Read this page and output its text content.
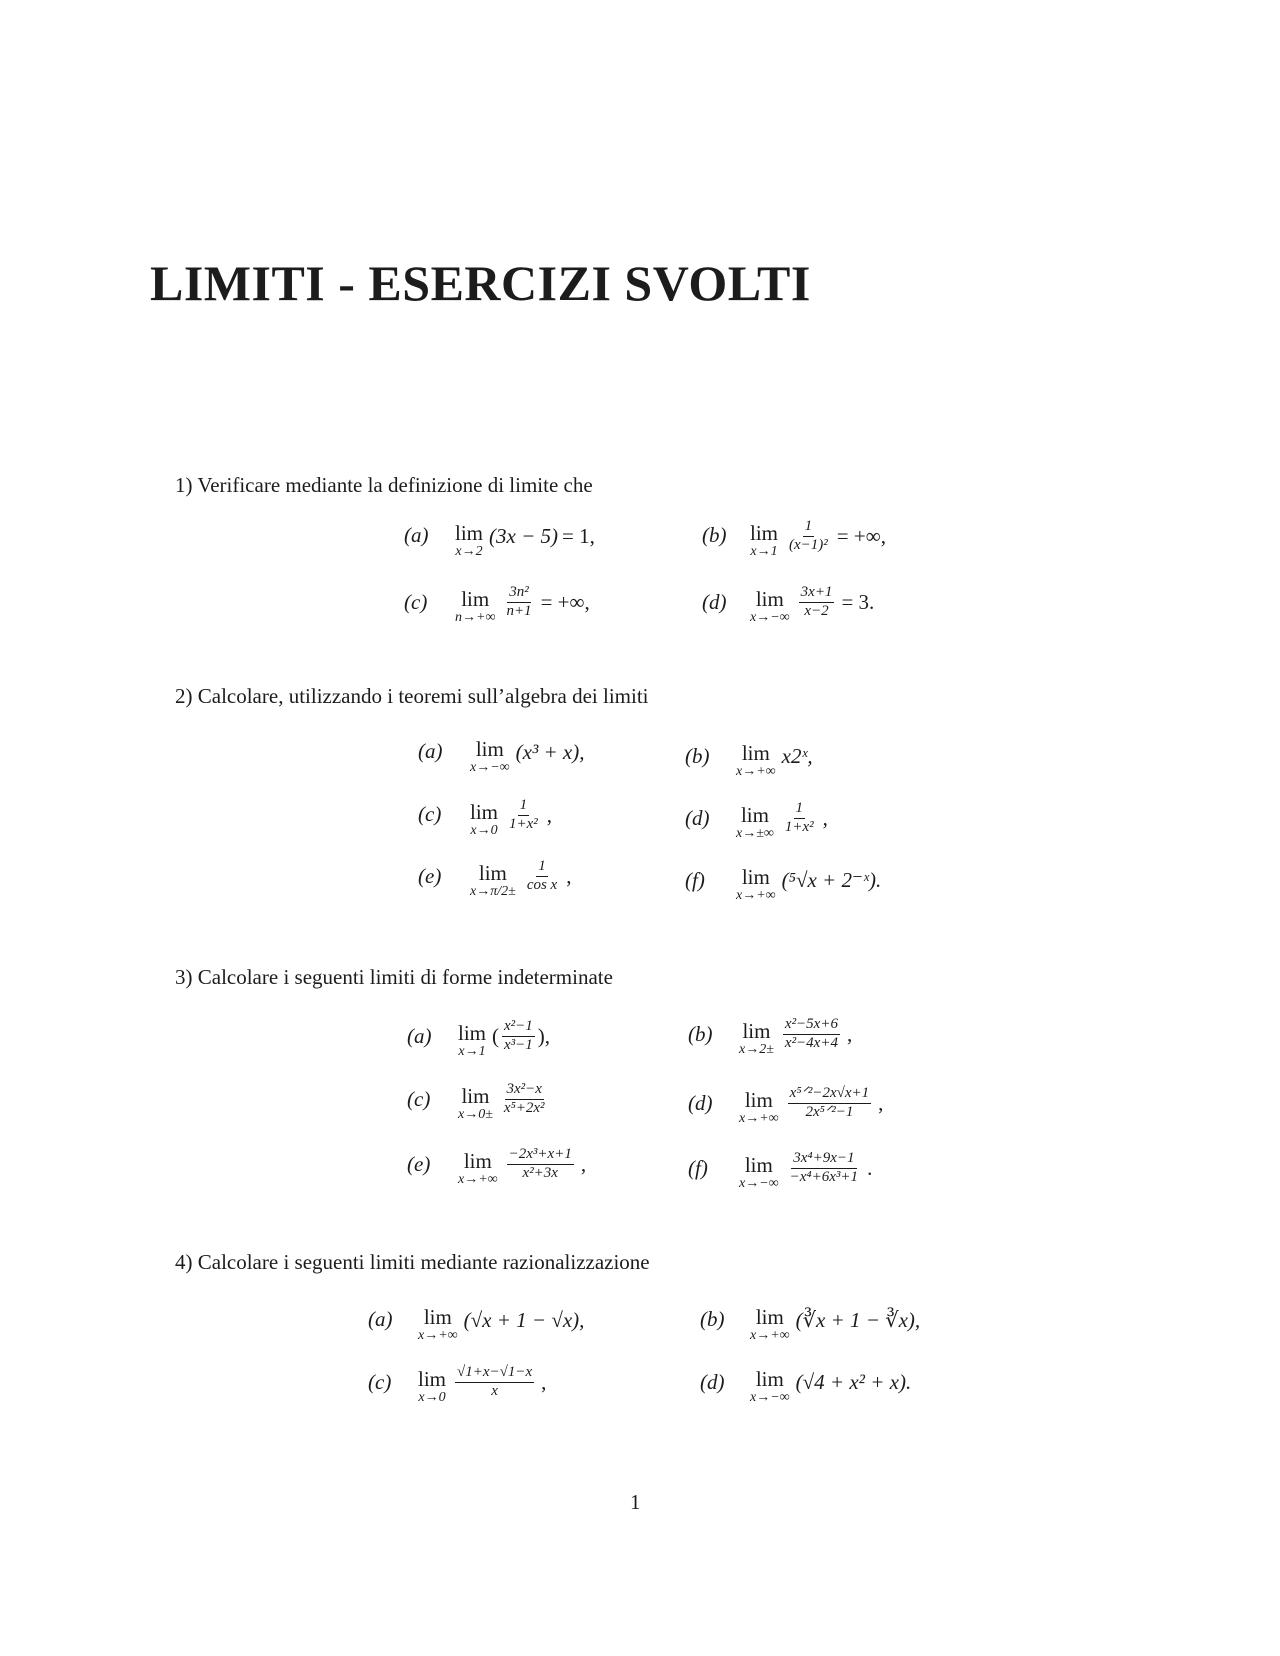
LIMITI - ESERCIZI SVOLTI
1) Verificare mediante la definizione di limite che
(a) lim
x→2
(3x − 5) = 1,	(b) lim
$x\to 1 \frac{1}{\text{(x−1)²}}$ = +∞,
(c) lim
$n\to+\infty \frac{\text{3n²}}{n+1}$ = +∞,	(d) lim
$x\to-\infty \frac{3x+1}{x-2} = 3$.
2) Calcolare, utilizzando i teoremi sull’algebra dei limiti
(a) lim
x→−∞
(x³ + x),	(b) lim
x→+∞
x2ˣ,
(c) lim
$x\to 0 \frac{1}{\text{1+x²}}$ ,	(d) lim
$x\to\pm\infty \frac{1}{\text{1+x²}}$ ,
(e) lim
$x\to\pi/2\pm \frac{1}{\text{cos x}}$ ,	(f) lim
x→+∞
(⁵√x + 2⁻ˣ).
3) Calcolare i seguenti limiti di forme indeterminate
(a) lim
x→1
( $\frac{\text{x²−1}}{\text{x³−1}}$ ),	(b) lim
$x\to 2\pm \frac{\text{x²−5x+6}}{\text{x²−4x+4}}$ ,
(c) lim
$x\to 0\pm \frac{\text{3x²−x}}{\text{x⁵+2x²}}$	(d) lim
$x\to+\infty \frac{\text{x⁵ᐟ²−2x√x+1}}{\text{2x⁵ᐟ²−1}}$ ,
(e) lim
$x\to+\infty \frac{\text{−2x³+x+1}}{\text{x²+3x}}$ ,	(f) lim
$x\to-\infty \frac{\text{3x⁴+9x−1}}{\text{−x⁴+6x³+1}}$ .
4) Calcolare i seguenti limiti mediante razionalizzazione
(a) lim
x→+∞
(√x + 1 − √x),	(b) lim
x→+∞
(∛x + 1 − ∛x),
(c) lim
$x\to 0 \frac{√1+x-√1-x}{x}$ ,	(d) lim
x→−∞
(√4 + x² + x).
1
